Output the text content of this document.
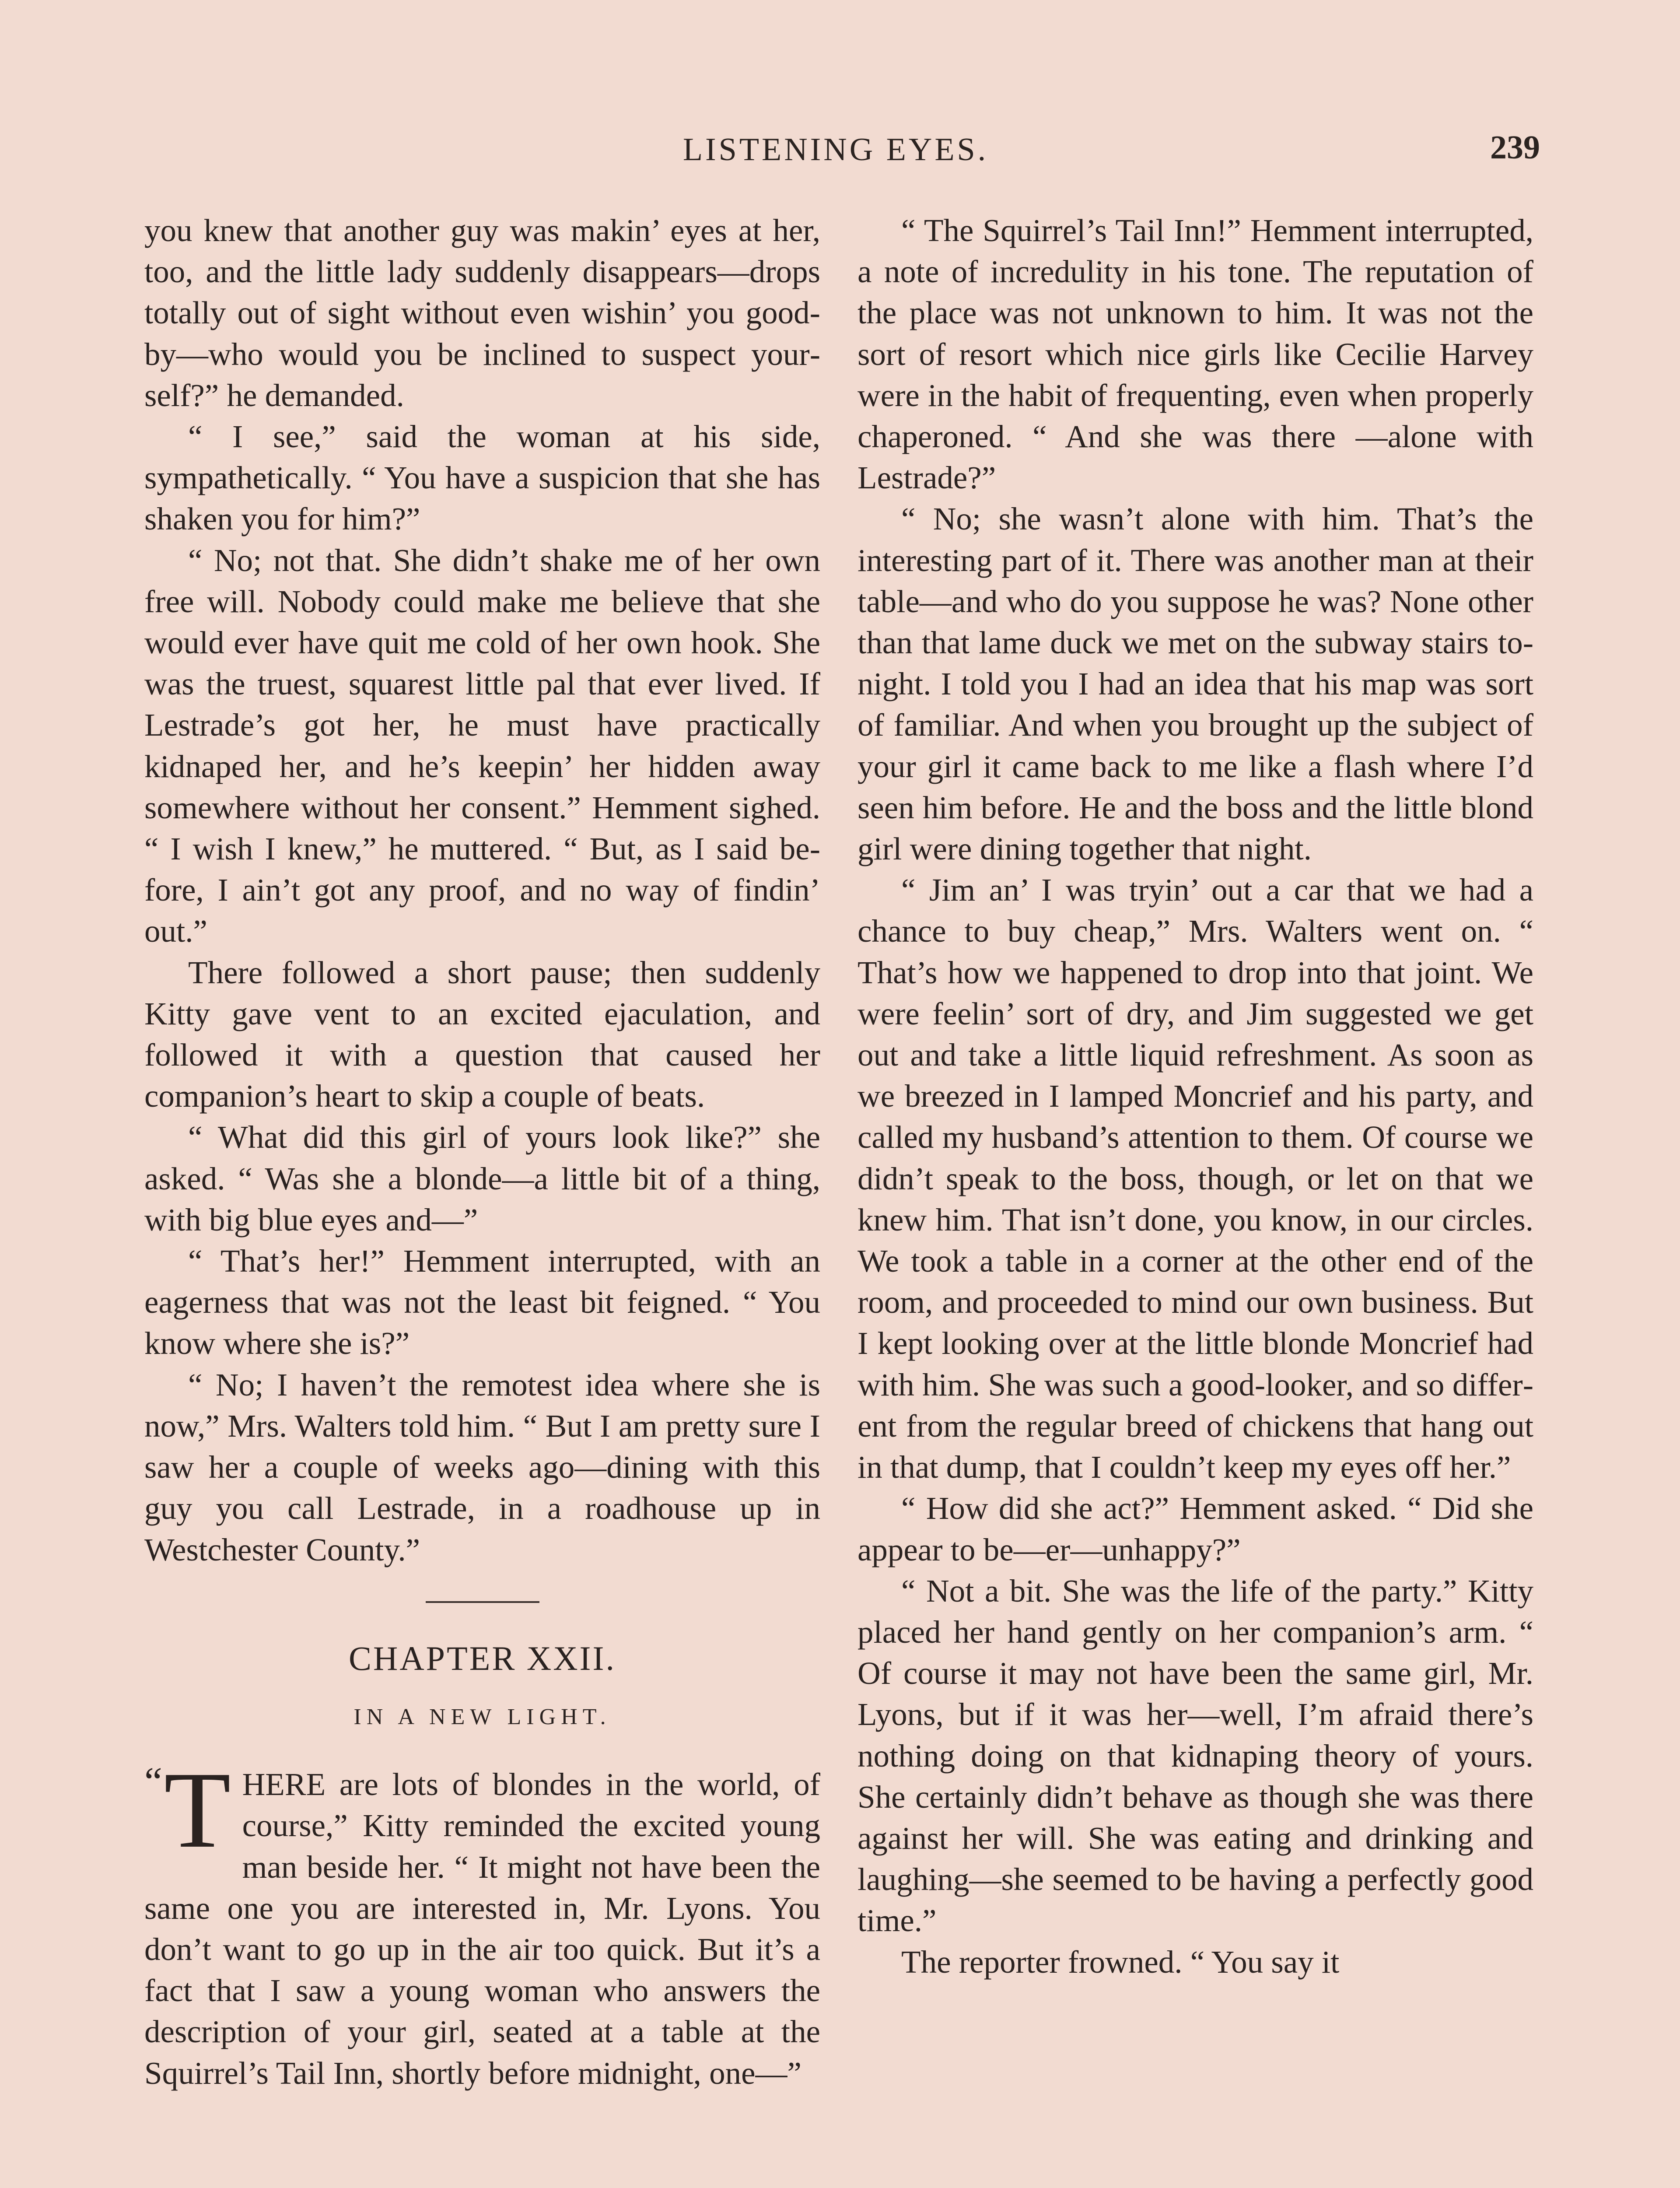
LISTENING EYES.	239

you knew that another guy was makin’ eyes at her, too, and the little lady suddenly disappears—drops totally out of sight without even wishin’ you good-by—who would you be inclined to suspect yourself?” he demanded.

“ I see,” said the woman at his side, sympathetically. “ You have a suspicion that she has shaken you for him?”

“ No; not that. She didn’t shake me of her own free will. Nobody could make me believe that she would ever have quit me cold of her own hook. She was the truest, squarest little pal that ever lived. If Lestrade’s got her, he must have practically kidnaped her, and he’s keepin’ her hidden away somewhere without her consent.” Hemment sighed. “ I wish I knew,” he muttered. “ But, as I said before, I ain’t got any proof, and no way of findin’ out.”

There followed a short pause; then suddenly Kitty gave vent to an excited ejaculation, and followed it with a question that caused her companion’s heart to skip a couple of beats.

“ What did this girl of yours look like?” she asked. “ Was she a blonde—a little bit of a thing, with big blue eyes and—”

“ That’s her!” Hemment interrupted, with an eagerness that was not the least bit feigned. “ You know where she is?”

“ No; I haven’t the remotest idea where she is now,” Mrs. Walters told him. “ But I am pretty sure I saw her a couple of weeks ago—dining with this guy you call Lestrade, in a roadhouse up in Westchester County.”

CHAPTER XXII.
IN A NEW LIGHT.

“ T HERE are lots of blondes in the world, of course,” Kitty reminded the excited young man beside her. “ It might not have been the same one you are interested in, Mr. Lyons. You don’t want to go up in the air too quick. But it’s a fact that I saw a young woman who answers the description of your girl, seated at a table at the Squirrel’s Tail Inn, shortly before midnight, one—”

“ The Squirrel’s Tail Inn!” Hemment interrupted, a note of incredulity in his tone. The reputation of the place was not unknown to him. It was not the sort of resort which nice girls like Cecilie Harvey were in the habit of frequenting, even when properly chaperoned. “ And she was there —alone with Lestrade?”

“ No; she wasn’t alone with him. That’s the interesting part of it. There was another man at their table—and who do you suppose he was? None other than that lame duck we met on the subway stairs to-night. I told you I had an idea that his map was sort of familiar. And when you brought up the subject of your girl it came back to me like a flash where I’d seen him before. He and the boss and the little blond girl were dining together that night.

“ Jim an’ I was tryin’ out a car that we had a chance to buy cheap,” Mrs. Walters went on. “ That’s how we happened to drop into that joint. We were feelin’ sort of dry, and Jim suggested we get out and take a little liquid refreshment. As soon as we breezed in I lamped Moncrief and his party, and called my husband’s attention to them. Of course we didn’t speak to the boss, though, or let on that we knew him. That isn’t done, you know, in our circles. We took a table in a corner at the other end of the room, and proceeded to mind our own business. But I kept looking over at the little blonde Moncrief had with him. She was such a good-looker, and so different from the regular breed of chickens that hang out in that dump, that I couldn’t keep my eyes off her.”

“ How did she act?” Hemment asked. “ Did she appear to be—er—unhappy?”

“ Not a bit. She was the life of the party.” Kitty placed her hand gently on her companion’s arm. “ Of course it may not have been the same girl, Mr. Lyons, but if it was her—well, I’m afraid there’s nothing doing on that kidnaping theory of yours. She certainly didn’t behave as though she was there against her will. She was eating and drinking and laughing—she seemed to be having a perfectly good time.”

The reporter frowned. “ You say it
